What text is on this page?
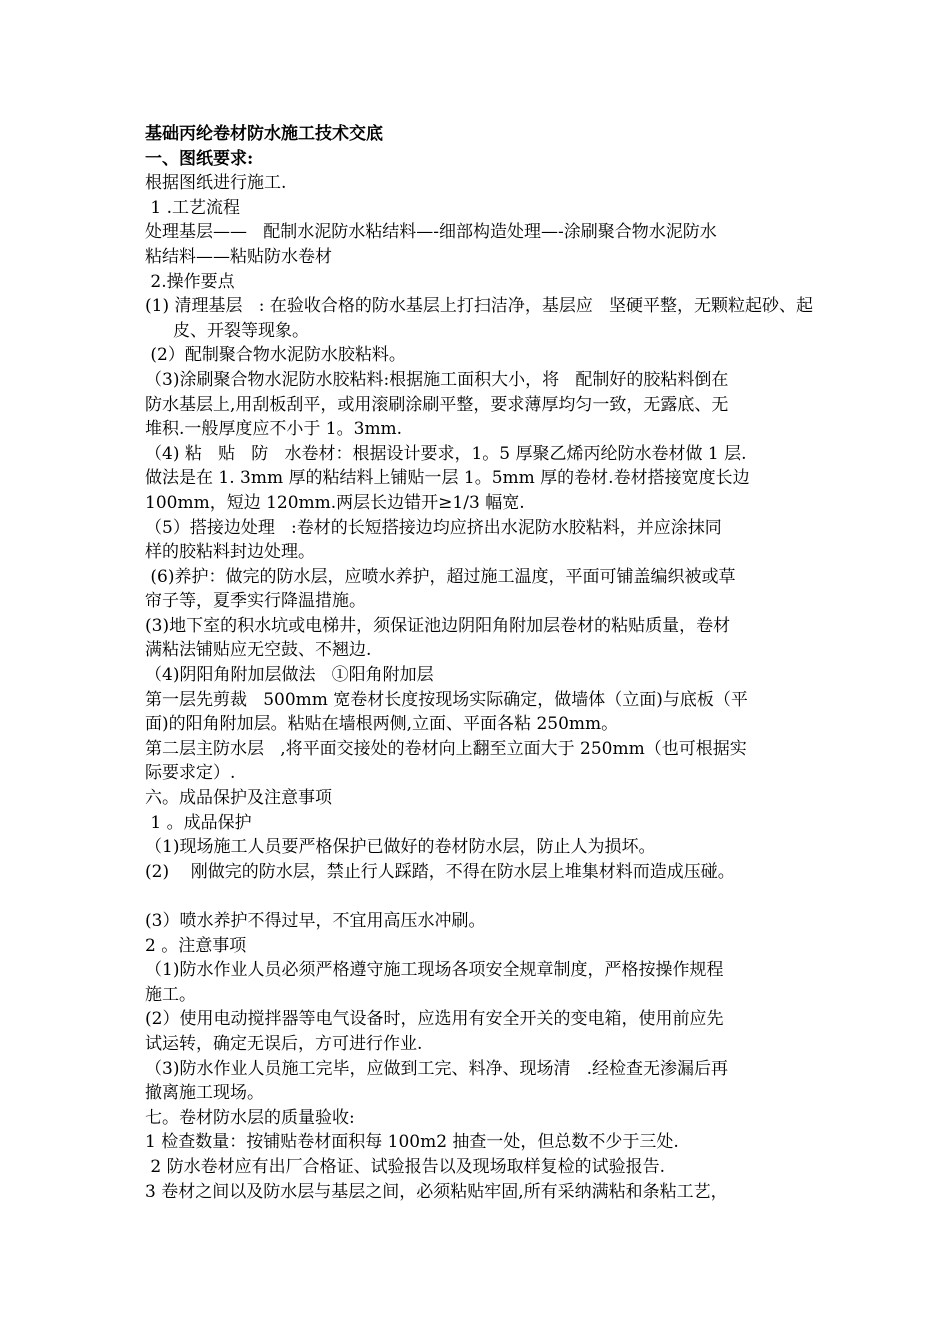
基础丙纶卷材防水施工技术交底
一、图纸要求:
根据图纸进行施工.
1 .工艺流程
处理基层——   配制水泥防水粘结料—-细部构造处理—-涂刷聚合物水泥防水
粘结料——粘贴防水卷材
2.操作要点
(1) 清理基层   : 在验收合格的防水基层上打扫洁净，基层应   坚硬平整，无颗粒起砂、起皮、开裂等现象。
(2）配制聚合物水泥防水胶粘料。
（3)涂刷聚合物水泥防水胶粘料:根据施工面积大小，将   配制好的胶粘料倒在
防水基层上,用刮板刮平，或用滚刷涂刷平整，要求薄厚均匀一致，无露底、无
堆积.一般厚度应不小于 1。3mm.
（4) 粘   贴   防   水卷材：根据设计要求，1。5 厚聚乙烯丙纶防水卷材做 1 层.
做法是在 1. 3mm 厚的粘结料上铺贴一层 1。5mm 厚的卷材.卷材搭接宽度长边
100mm，短边 120mm.两层长边错开≥1/3 幅宽.
（5）搭接边处理   :卷材的长短搭接边均应挤出水泥防水胶粘料，并应涂抹同
样的胶粘料封边处理。
(6)养护：做完的防水层，应喷水养护，超过施工温度，平面可铺盖编织被或草
帘子等，夏季实行降温措施。
(3)地下室的积水坑或电梯井，须保证池边阴阳角附加层卷材的粘贴质量，卷材
满粘法铺贴应无空鼓、不翘边.
（4)阴阳角附加层做法   ①阳角附加层
第一层先剪裁   500mm 宽卷材长度按现场实际确定，做墙体（立面)与底板（平
面)的阳角附加层。粘贴在墙根两侧,立面、平面各粘 250mm。
第二层主防水层   ,将平面交接处的卷材向上翻至立面大于 250mm（也可根据实
际要求定）.
六。成品保护及注意事项
1 。成品保护
（1)现场施工人员要严格保护已做好的卷材防水层，防止人为损坏。
(2)    刚做完的防水层，禁止行人踩踏，不得在防水层上堆集材料而造成压碰。
(3）喷水养护不得过早，不宜用高压水冲刷。
2 。注意事项
（1)防水作业人员必须严格遵守施工现场各项安全规章制度，严格按操作规程
施工。
(2）使用电动搅拌器等电气设备时，应选用有安全开关的变电箱，使用前应先
试运转，确定无误后，方可进行作业.
（3)防水作业人员施工完毕，应做到工完、料净、现场清   .经检查无渗漏后再
撤离施工现场。
七。卷材防水层的质量验收:
1 检查数量：按铺贴卷材面积每 100m2 抽查一处，但总数不少于三处.
2 防水卷材应有出厂合格证、试验报告以及现场取样复检的试验报告.
3 卷材之间以及防水层与基层之间，必须粘贴牢固,所有采纳满粘和条粘工艺，
